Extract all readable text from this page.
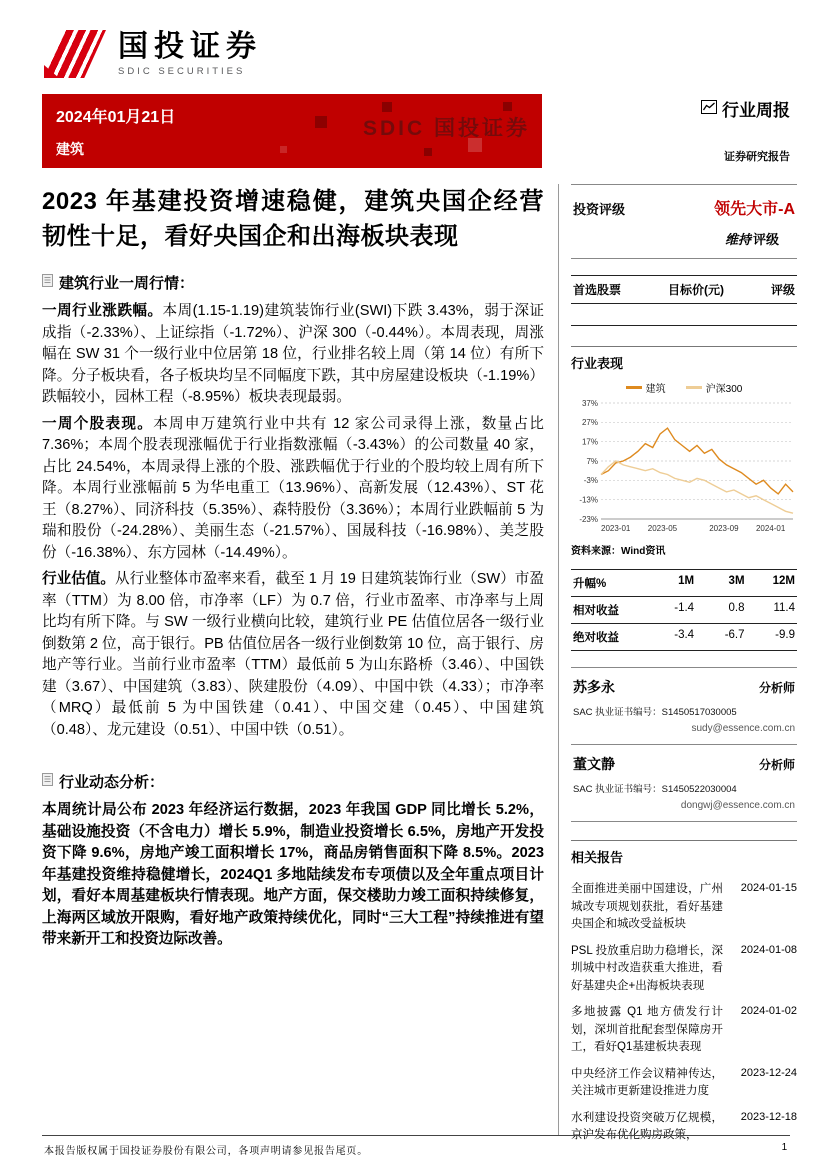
国投证券
SDIC SECURITIES
2024年01月21日
建筑
SDIC 国投证券
行业周报
证券研究报告
2023 年基建投资增速稳健，建筑央国企经营韧性十足，看好央国企和出海板块表现
建筑行业一周行情：

一周行业涨跌幅。本周(1.15-1.19)建筑装饰行业(SWI)下跌 3.43%，弱于深证成指（-2.33%）、上证综指（-1.72%）、沪深 300（-0.44%）。本周表现，周涨幅在 SW 31 个一级行业中位居第 18 位，行业排名较上周（第 14 位）有所下降。分子板块看，各子板块均呈不同幅度下跌，其中房屋建设板块（-1.19%）跌幅较小，园林工程（-8.95%）板块表现最弱。

一周个股表现。本周申万建筑行业中共有 12 家公司录得上涨，数量占比 7.36%；本周个股表现涨幅优于行业指数涨幅（-3.43%）的公司数量 40 家，占比 24.54%，本周录得上涨的个股、涨跌幅优于行业的个股均较上周有所下降。本周行业涨幅前 5 为华电重工（13.96%）、高新发展（12.43%）、ST 花王（8.27%）、同济科技（5.35%）、森特股份（3.36%）；本周行业跌幅前 5 为瑞和股份（-24.28%）、美丽生态（-21.57%）、国晟科技（-16.98%）、美芝股份（-16.38%）、东方园林（-14.49%）。

行业估值。从行业整体市盈率来看，截至 1 月 19 日建筑装饰行业（SW）市盈率（TTM）为 8.00 倍，市净率（LF）为 0.7 倍，行业市盈率、市净率与上周比均有所下降。与 SW 一级行业横向比较，建筑行业 PE 估值位居各一级行业倒数第 2 位，高于银行。PB 估值位居各一级行业倒数第 10 位，高于银行、房地产等行业。当前行业市盈率（TTM）最低前 5 为山东路桥（3.46）、中国铁建（3.67）、中国建筑（3.83）、陕建股份（4.09）、中国中铁（4.33）；市净率（MRQ）最低前 5 为中国铁建（0.41）、中国交建（0.45）、中国建筑（0.48）、龙元建设（0.51）、中国中铁（0.51）。

行业动态分析：

本周统计局公布 2023 年经济运行数据，2023 年我国 GDP 同比增长 5.2%，基础设施投资（不含电力）增长 5.9%，制造业投资增长 6.5%，房地产开发投资下降 9.6%，房地产竣工面积增长 17%，商品房销售面积下降 8.5%。2023 年基建投资维持稳健增长，2024Q1 多地陆续发布专项债以及全年重点项目计划，看好本周基建板块行情表现。地产方面，保交楼助力竣工面积持续修复，上海两区域放开限购，看好地产政策持续优化，同时“三大工程”持续推进有望带来新开工和投资边际改善。

投资评级	领先大市-A
维持 评级
首选股票	目标价(元)	评级
行业表现
建筑	沪深300
37%
27%
17%
7%
-3%
-13%
-23%
2023-01 2023-05	2023-09 2024-01
资料来源：Wind资讯
升幅%	1M	3M	12M
相对收益	-1.4	0.8	11.4
绝对收益	-3.4	-6.7	-9.9
苏多永	分析师
SAC 执业证书编号：S1450517030005
sudy@essence.com.cn
董文静	分析师
SAC 执业证书编号：S1450522030004
dongwj@essence.com.cn
相关报告
全面推进美丽中国建设，广州城改专项规划获批，看好基建央国企和城改受益板块
2024-01-15
PSL 投放重启助力稳增长，深圳城中村改造获重大推进，看好基建央企+出海板块表现
2024-01-08
多地披露 Q1 地方债发行计划，深圳首批配套型保障房开工，看好Q1基建板块表现
2024-01-02
中央经济工作会议精神传达，关注城市更新建设推进力度
2023-12-24
水利建设投资突破万亿规模，京沪发布优化购房政策，
2023-12-18
本报告版权属于国投证券股份有限公司，各项声明请参见报告尾页。	1
